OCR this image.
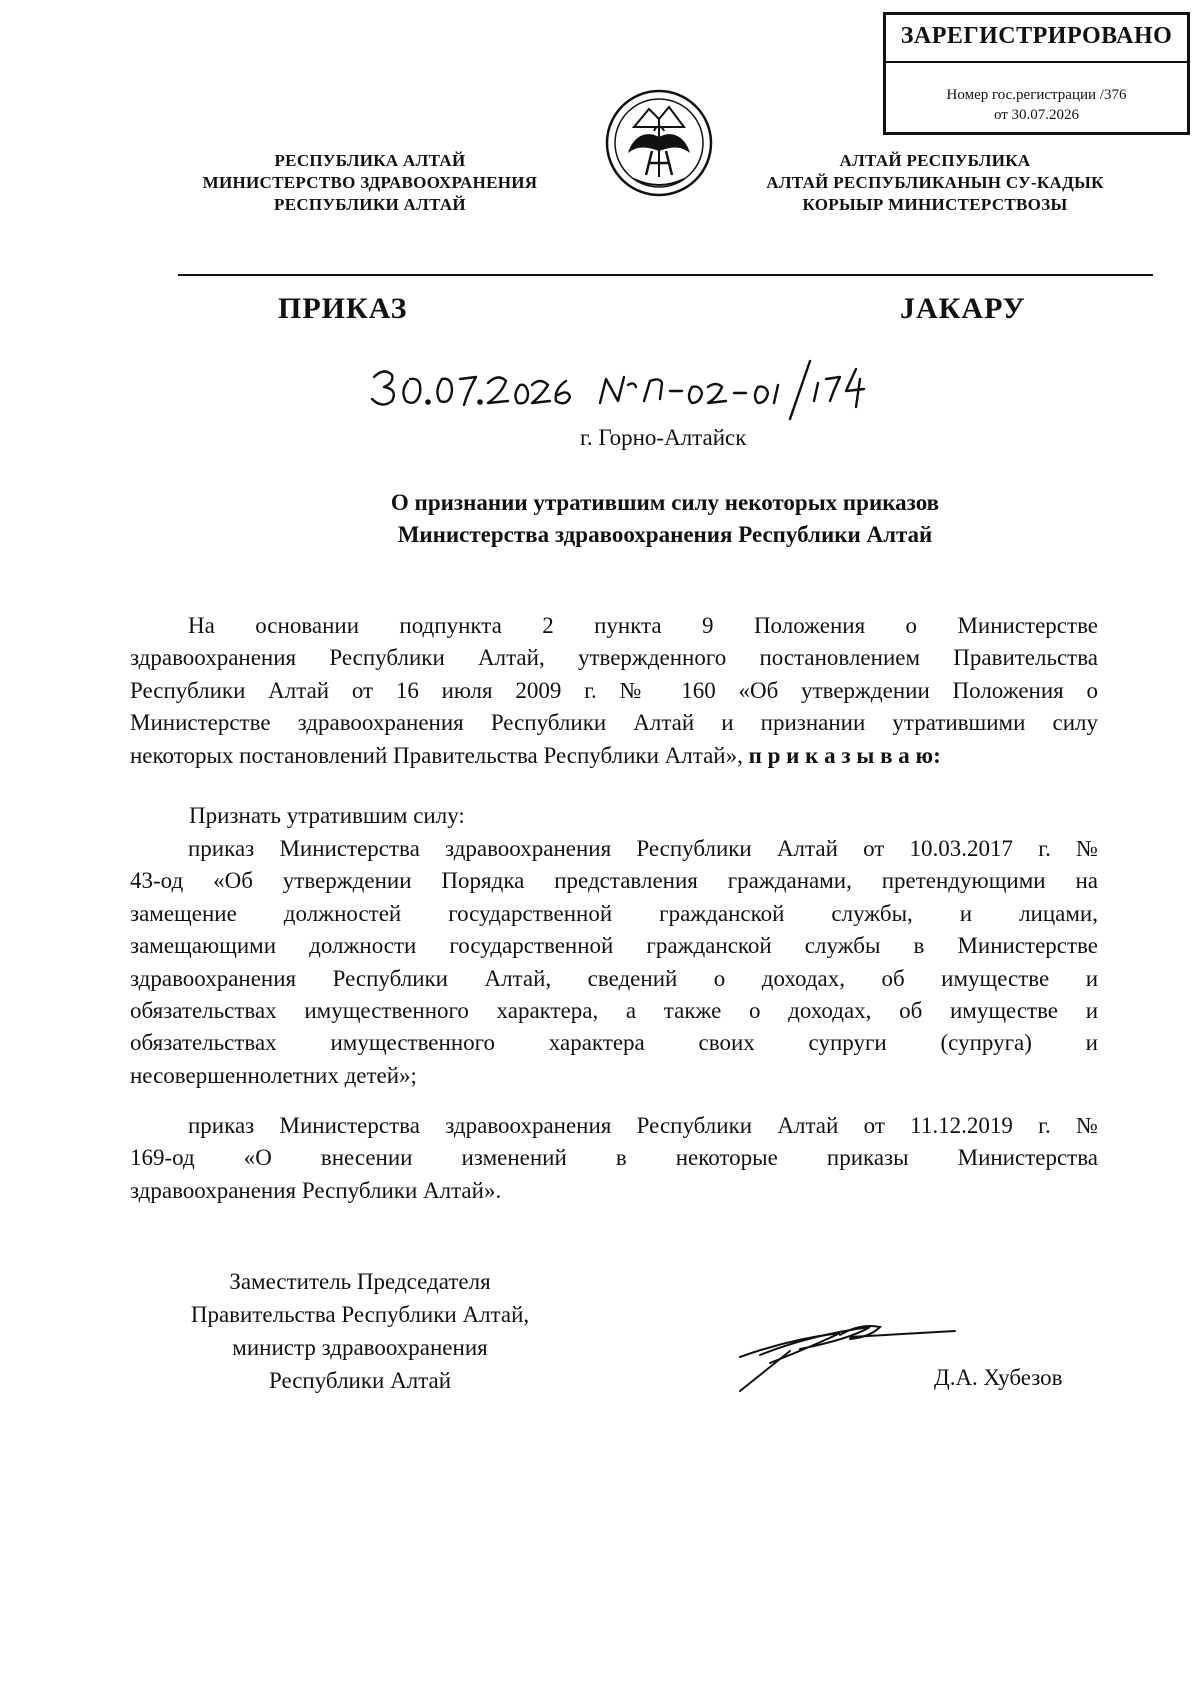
ЗАРЕГИСТРИРОВАНО
Номер гос.регистрации /376
от 30.07.2026
РЕСПУБЛИКА АЛТАЙ
МИНИСТЕРСТВО ЗДРАВООХРАНЕНИЯ
РЕСПУБЛИКИ АЛТАЙ
АЛТАЙ РЕСПУБЛИКА
АЛТАЙ РЕСПУБЛИКАНЫН СУ-КАДЫК
КОРЫЫР МИНИСТЕРСТВОЗЫ
ПРИКАЗ	JАКАРУ
г. Горно-Алтайск
О признании утратившим силу некоторых приказов
Министерства здравоохранения Республики Алтай
На основании подпункта 2 пункта 9 Положения о Министерстве
здравоохранения Республики Алтай, утвержденного постановлением Правительства
Республики Алтай от 16 июля 2009 г. № 160 «Об утверждении Положения о
Министерстве здравоохранения Республики Алтай и признании утратившими силу
некоторых постановлений Правительства Республики Алтай», п р и к а з ы в а ю:
Признать утратившим силу:
приказ Министерства здравоохранения Республики Алтай от 10.03.2017 г. №
43-од «Об утверждении Порядка представления гражданами, претендующими на
замещение должностей государственной гражданской службы, и лицами,
замещающими должности государственной гражданской службы в Министерстве
здравоохранения Республики Алтай, сведений о доходах, об имуществе и
обязательствах имущественного характера, а также о доходах, об имуществе и
обязательствах имущественного характера своих супруги (супруга) и
несовершеннолетних детей»;
приказ Министерства здравоохранения Республики Алтай от 11.12.2019 г. №
169-од «О внесении изменений в некоторые приказы Министерства
здравоохранения Республики Алтай».
Заместитель Председателя
Правительства Республики Алтай,
министр здравоохранения
Республики Алтай	Д.А. Хубезов
